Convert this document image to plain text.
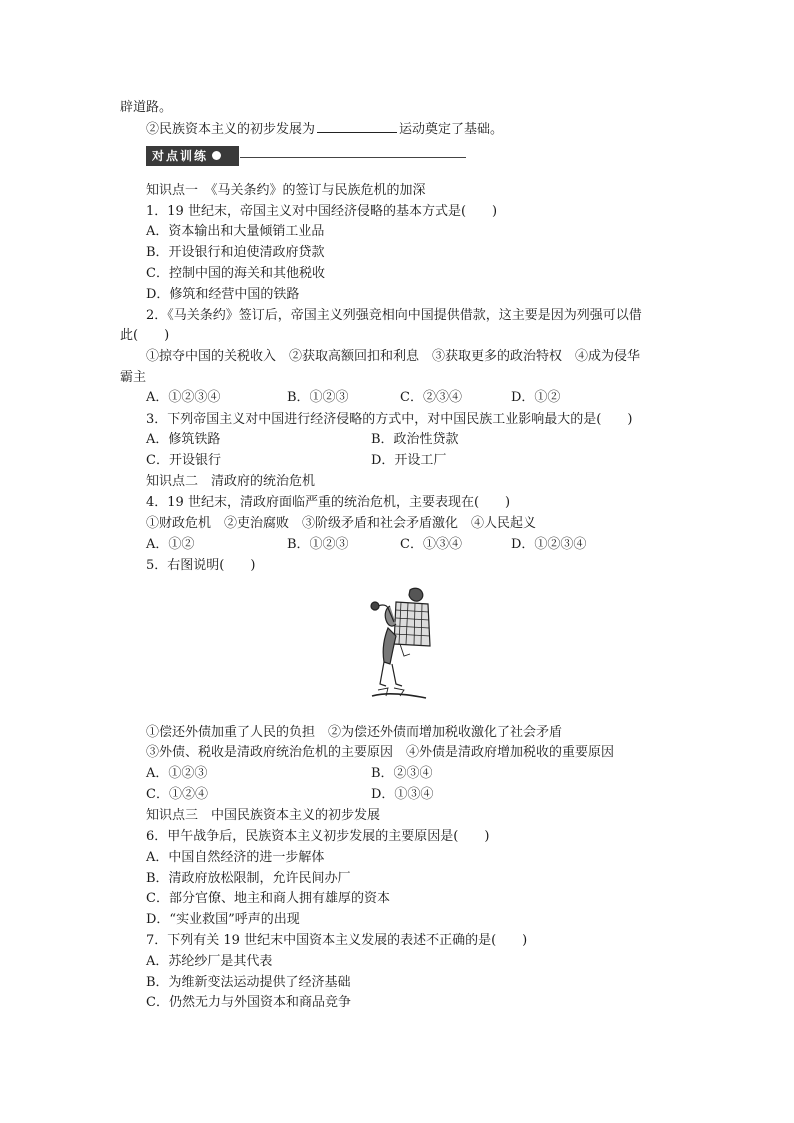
辟道路。
②民族资本主义的初步发展为	运动奠定了基础。
对点训练
知识点一　《马关条约》的签订与民族危机的加深
1．19 世纪末，帝国主义对中国经济侵略的基本方式是(　　)
A．资本输出和大量倾销工业品
B．开设银行和迫使清政府贷款
C．控制中国的海关和其他税收
D．修筑和经营中国的铁路
2．《马关条约》签订后，帝国主义列强竞相向中国提供借款，这主要是因为列强可以借
此(　　)
①掠夺中国的关税收入　②获取高额回扣和利息　③获取更多的政治特权　④成为侵华
霸主
A．①②③④	B．①②③	C．②③④	D．①②
3．下列帝国主义对中国进行经济侵略的方式中，对中国民族工业影响最大的是(　　)
A．修筑铁路	B．政治性贷款
C．开设银行	D．开设工厂
知识点二　清政府的统治危机
4．19 世纪末，清政府面临严重的统治危机，主要表现在(　　)
①财政危机　②吏治腐败　③阶级矛盾和社会矛盾激化　④人民起义
A．①②	B．①②③	C．①③④	D．①②③④
5．右图说明(　　)
①偿还外债加重了人民的负担　②为偿还外债而增加税收激化了社会矛盾
③外债、税收是清政府统治危机的主要原因　④外债是清政府增加税收的重要原因
A．①②③	B．②③④
C．①②④	D．①③④
知识点三　中国民族资本主义的初步发展
6．甲午战争后，民族资本主义初步发展的主要原因是(　　)
A．中国自然经济的进一步解体
B．清政府放松限制，允许民间办厂
C．部分官僚、地主和商人拥有雄厚的资本
D．“实业救国”呼声的出现
7．下列有关 19 世纪末中国资本主义发展的表述不正确的是(　　)
A．苏纶纱厂是其代表
B．为维新变法运动提供了经济基础
C．仍然无力与外国资本和商品竞争
